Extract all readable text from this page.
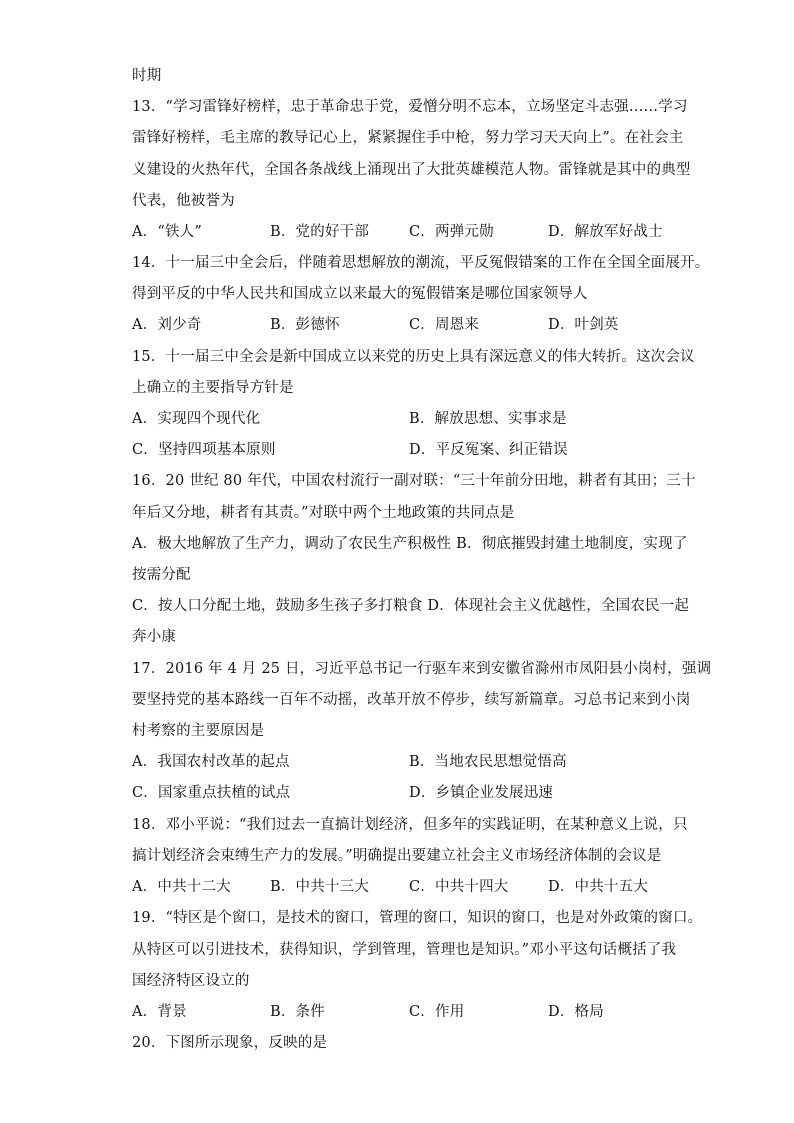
时期
13．“学习雷锋好榜样，忠于革命忠于党，爱憎分明不忘本，立场坚定斗志强……学习
雷锋好榜样，毛主席的教导记心上，紧紧握住手中枪，努力学习天天向上”。在社会主
义建设的火热年代，全国各条战线上涌现出了大批英雄模范人物。雷锋就是其中的典型
代表，他被誉为
A．“铁人”	B．党的好干部	C．两弹元勋	D．解放军好战士
14．十一届三中全会后，伴随着思想解放的潮流，平反冤假错案的工作在全国全面展开。
得到平反的中华人民共和国成立以来最大的冤假错案是哪位国家领导人
A．刘少奇	B．彭德怀	C．周恩来	D．叶剑英
15．十一届三中全会是新中国成立以来党的历史上具有深远意义的伟大转折。这次会议
上确立的主要指导方针是
A．实现四个现代化	B．解放思想、实事求是
C．坚持四项基本原则	D．平反冤案、纠正错误
16．20 世纪 80 年代，中国农村流行一副对联：“三十年前分田地，耕者有其田；三十
年后又分地，耕者有其责。”对联中两个土地政策的共同点是
A．极大地解放了生产力，调动了农民生产积极性 B．彻底摧毁封建土地制度，实现了
按需分配
C．按人口分配土地，鼓励多生孩子多打粮食 D．体现社会主义优越性，全国农民一起
奔小康
17．2016 年 4 月 25 日，习近平总书记一行驱车来到安徽省滁州市凤阳县小岗村，强调
要坚持党的基本路线一百年不动摇，改革开放不停步，续写新篇章。习总书记来到小岗
村考察的主要原因是
A．我国农村改革的起点	B．当地农民思想觉悟高
C．国家重点扶植的试点	D．乡镇企业发展迅速
18．邓小平说：“我们过去一直搞计划经济，但多年的实践证明，在某种意义上说，只
搞计划经济会束缚生产力的发展。”明确提出要建立社会主义市场经济体制的会议是
A．中共十二大	B．中共十三大	C．中共十四大	D．中共十五大
19．“特区是个窗口，是技术的窗口，管理的窗口，知识的窗口，也是对外政策的窗口。
从特区可以引进技术，获得知识，学到管理，管理也是知识。”邓小平这句话概括了我
国经济特区设立的
A．背景	B．条件	C．作用	D．格局
20．下图所示现象，反映的是
